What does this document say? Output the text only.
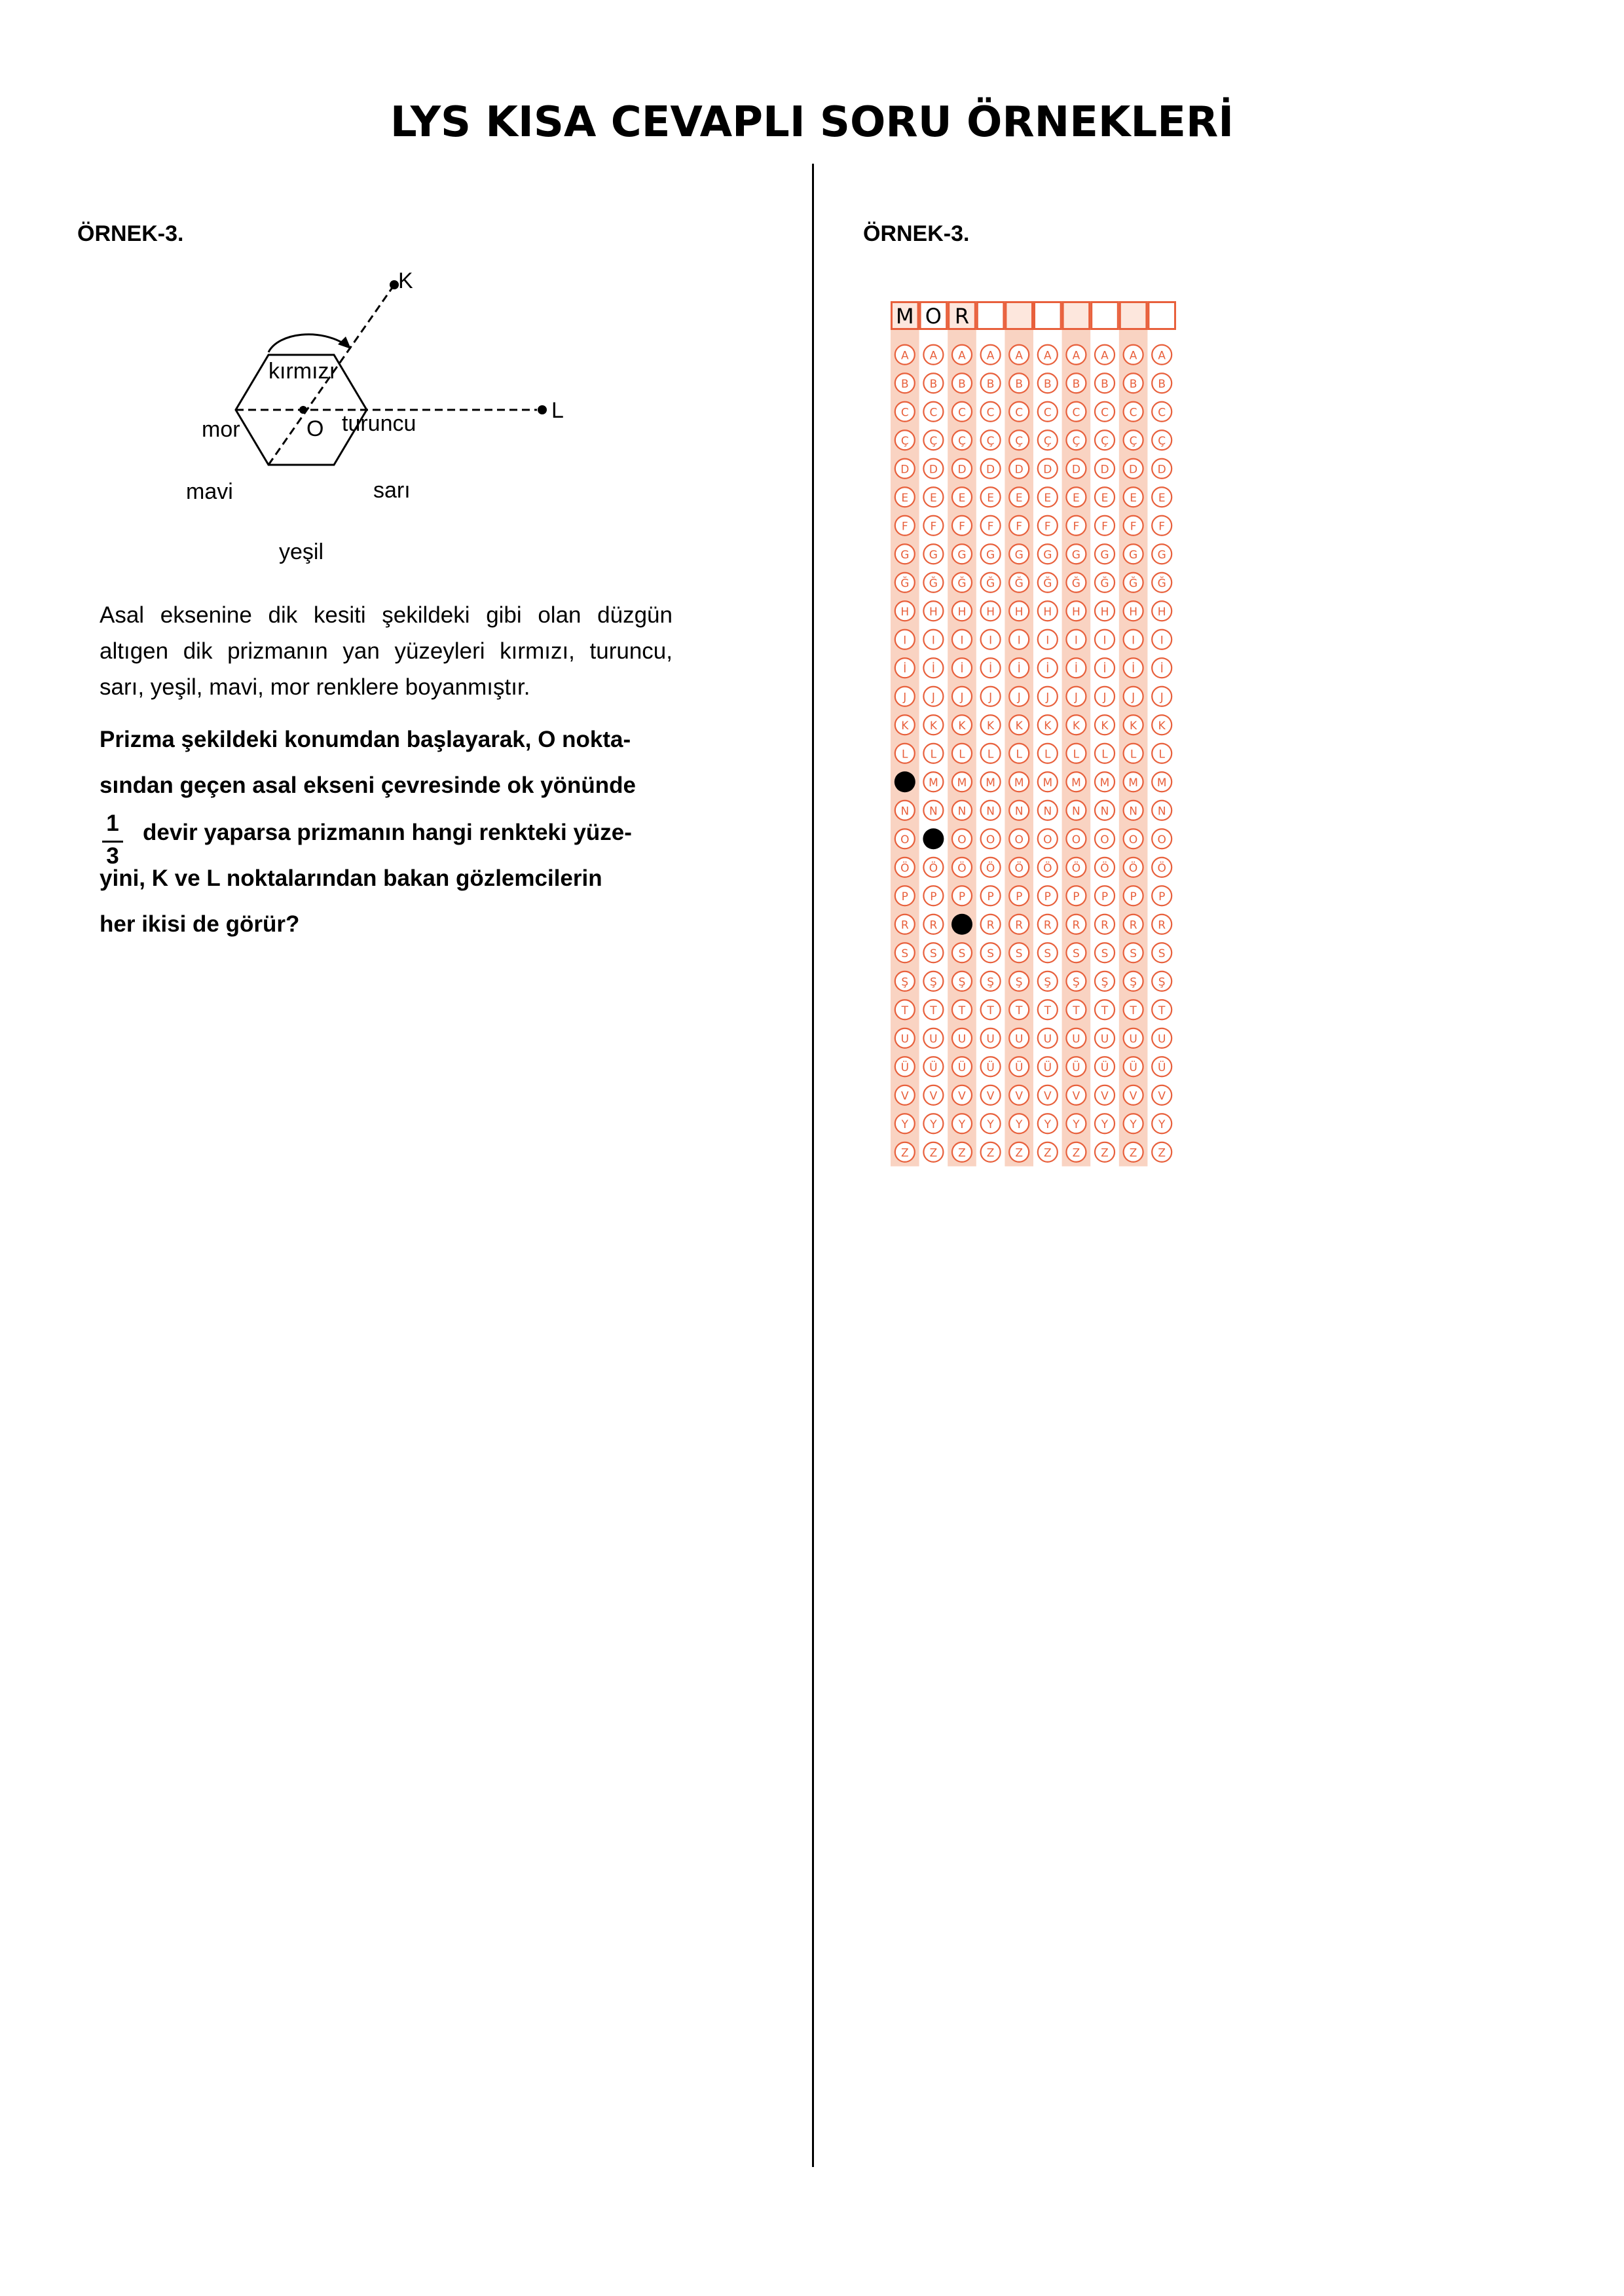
LYS KISA CEVAPLI SORU ÖRNEKLERİ
ÖRNEK-3.
K
L
O
kırmızı
turuncu
sarı
yeşil
mavi
mor
Asal eksenine dik kesiti şekildeki gibi olan düzgün
altıgen dik prizmanın yan yüzeyleri kırmızı, turuncu,
sarı, yeşil, mavi, mor renklere boyanmıştır.
Prizma şekildeki konumdan başlayarak, O nokta-
sından geçen asal ekseni çevresinde ok yönünde
1
3
devir yaparsa prizmanın hangi renkteki yüze-
yini, K ve L noktalarından bakan gözlemcilerin
her ikisi de görür?
ÖRNEK-3.
M O R
A A A A A A A A A A
B B B B B B B B B B
C C C C C C C C C C
Ç Ç Ç Ç Ç Ç Ç Ç Ç Ç
D D D D D D D D D D
E E E E E E E E E E
F F F F F F F F F F
G G G G G G G G G G
Ğ Ğ Ğ Ğ Ğ Ğ Ğ Ğ Ğ Ğ
H H H H H H H H H H
I I I I I I I I I I
İ İ İ İ İ İ İ İ İ İ
J J J J J J J J J J
K K K K K K K K K K
L L L L L L L L L L
M M M M M M M M M
N N N N N N N N N N
O	O O O O O O O O
Ö Ö Ö Ö Ö Ö Ö Ö Ö Ö
P P P P P P P P P P
R R	R R R R R R R
S S S S S S S S S S
Ş Ş Ş Ş Ş Ş Ş Ş Ş Ş
T T T T T T T T T T
U U U U U U U U U U
Ü Ü Ü Ü Ü Ü Ü Ü Ü Ü
V V V V V V V V V V
Y Y Y Y Y Y Y Y Y Y
Z Z Z Z Z Z Z Z Z Z
